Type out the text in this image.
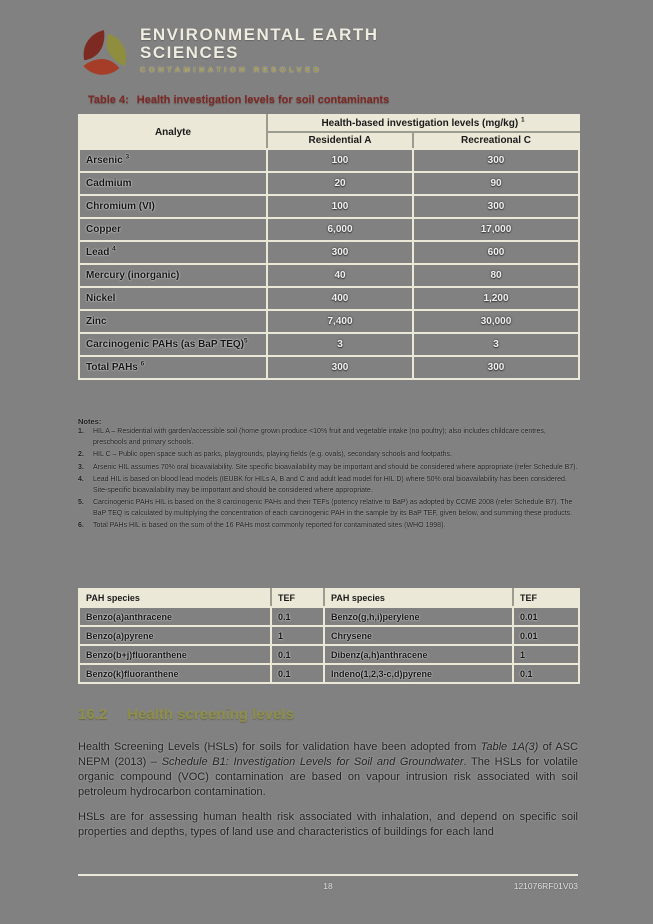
ENVIRONMENTAL EARTH
SCIENCES
CONTAMINATION RESOLVED
Table 4: Health investigation levels for soil contaminants
Analyte	Health-based investigation levels (mg/kg) $^1$
	Residential A	Recreational C
Arsenic $^3$	100	300
Cadmium	20	90
Chromium (VI)	100	300
Copper	6,000	17,000
Lead $^4$	300	600
Mercury (inorganic)	40	80
Nickel	400	1,200
Zinc	7,400	30,000
Carcinogenic PAHs (as BaP TEQ)$^5$	3	3
Total PAHs $^6$	300	300
Notes:
1.	HIL A – Residential with garden/accessible soil (home grown produce <10% fruit and vegetable intake (no poultry); also includes childcare centres, preschools and primary schools.
2.	HIL C – Public open space such as parks, playgrounds, playing fields (e.g. ovals), secondary schools and footpaths.
3.	Arsenic HIL assumes 70% oral bioavailability. Site specific bioavailability may be important and should be considered where appropriate (refer Schedule B7).
4.	Lead HIL is based on blood lead models (IEUBK for HILs A, B and C and adult lead model for HIL D) where 50% oral bioavailability has been considered. Site-specific bioavailability may be important and should be considered where appropriate.
5.	Carcinogenic PAHs HIL is based on the 8 carcinogenic PAHs and their TEFs (potency relative to BaP) as adopted by CCME 2008 (refer Schedule B7). The BaP TEQ is calculated by multiplying the concentration of each carcinogenic PAH in the sample by its BaP TEF, given below, and summing these products.
6.	Total PAHs HIL is based on the sum of the 16 PAHs most commonly reported for contaminated sites (WHO 1998).
PAH species	TEF	PAH species	TEF
Benzo(a)anthracene	0.1	Benzo(g,h,i)perylene	0.01
Benzo(a)pyrene	1	Chrysene	0.01
Benzo(b+j)fluoranthene	0.1	Dibenz(a,h)anthracene	1
Benzo(k)fluoranthene	0.1	Indeno(1,2,3-c,d)pyrene	0.1
16.2 Health screening levels

Health Screening Levels (HSLs) for soils for validation have been adopted from Table 1A(3) of ASC NEPM (2013) – Schedule B1: Investigation Levels for Soil and Groundwater. The HSLs for volatile organic compound (VOC) contamination are based on vapour intrusion risk associated with soil petroleum hydrocarbon contamination.

HSLs are for assessing human health risk associated with inhalation, and depend on specific soil properties and depths, types of land use and characteristics of buildings for each land

18	121076RF01V03
